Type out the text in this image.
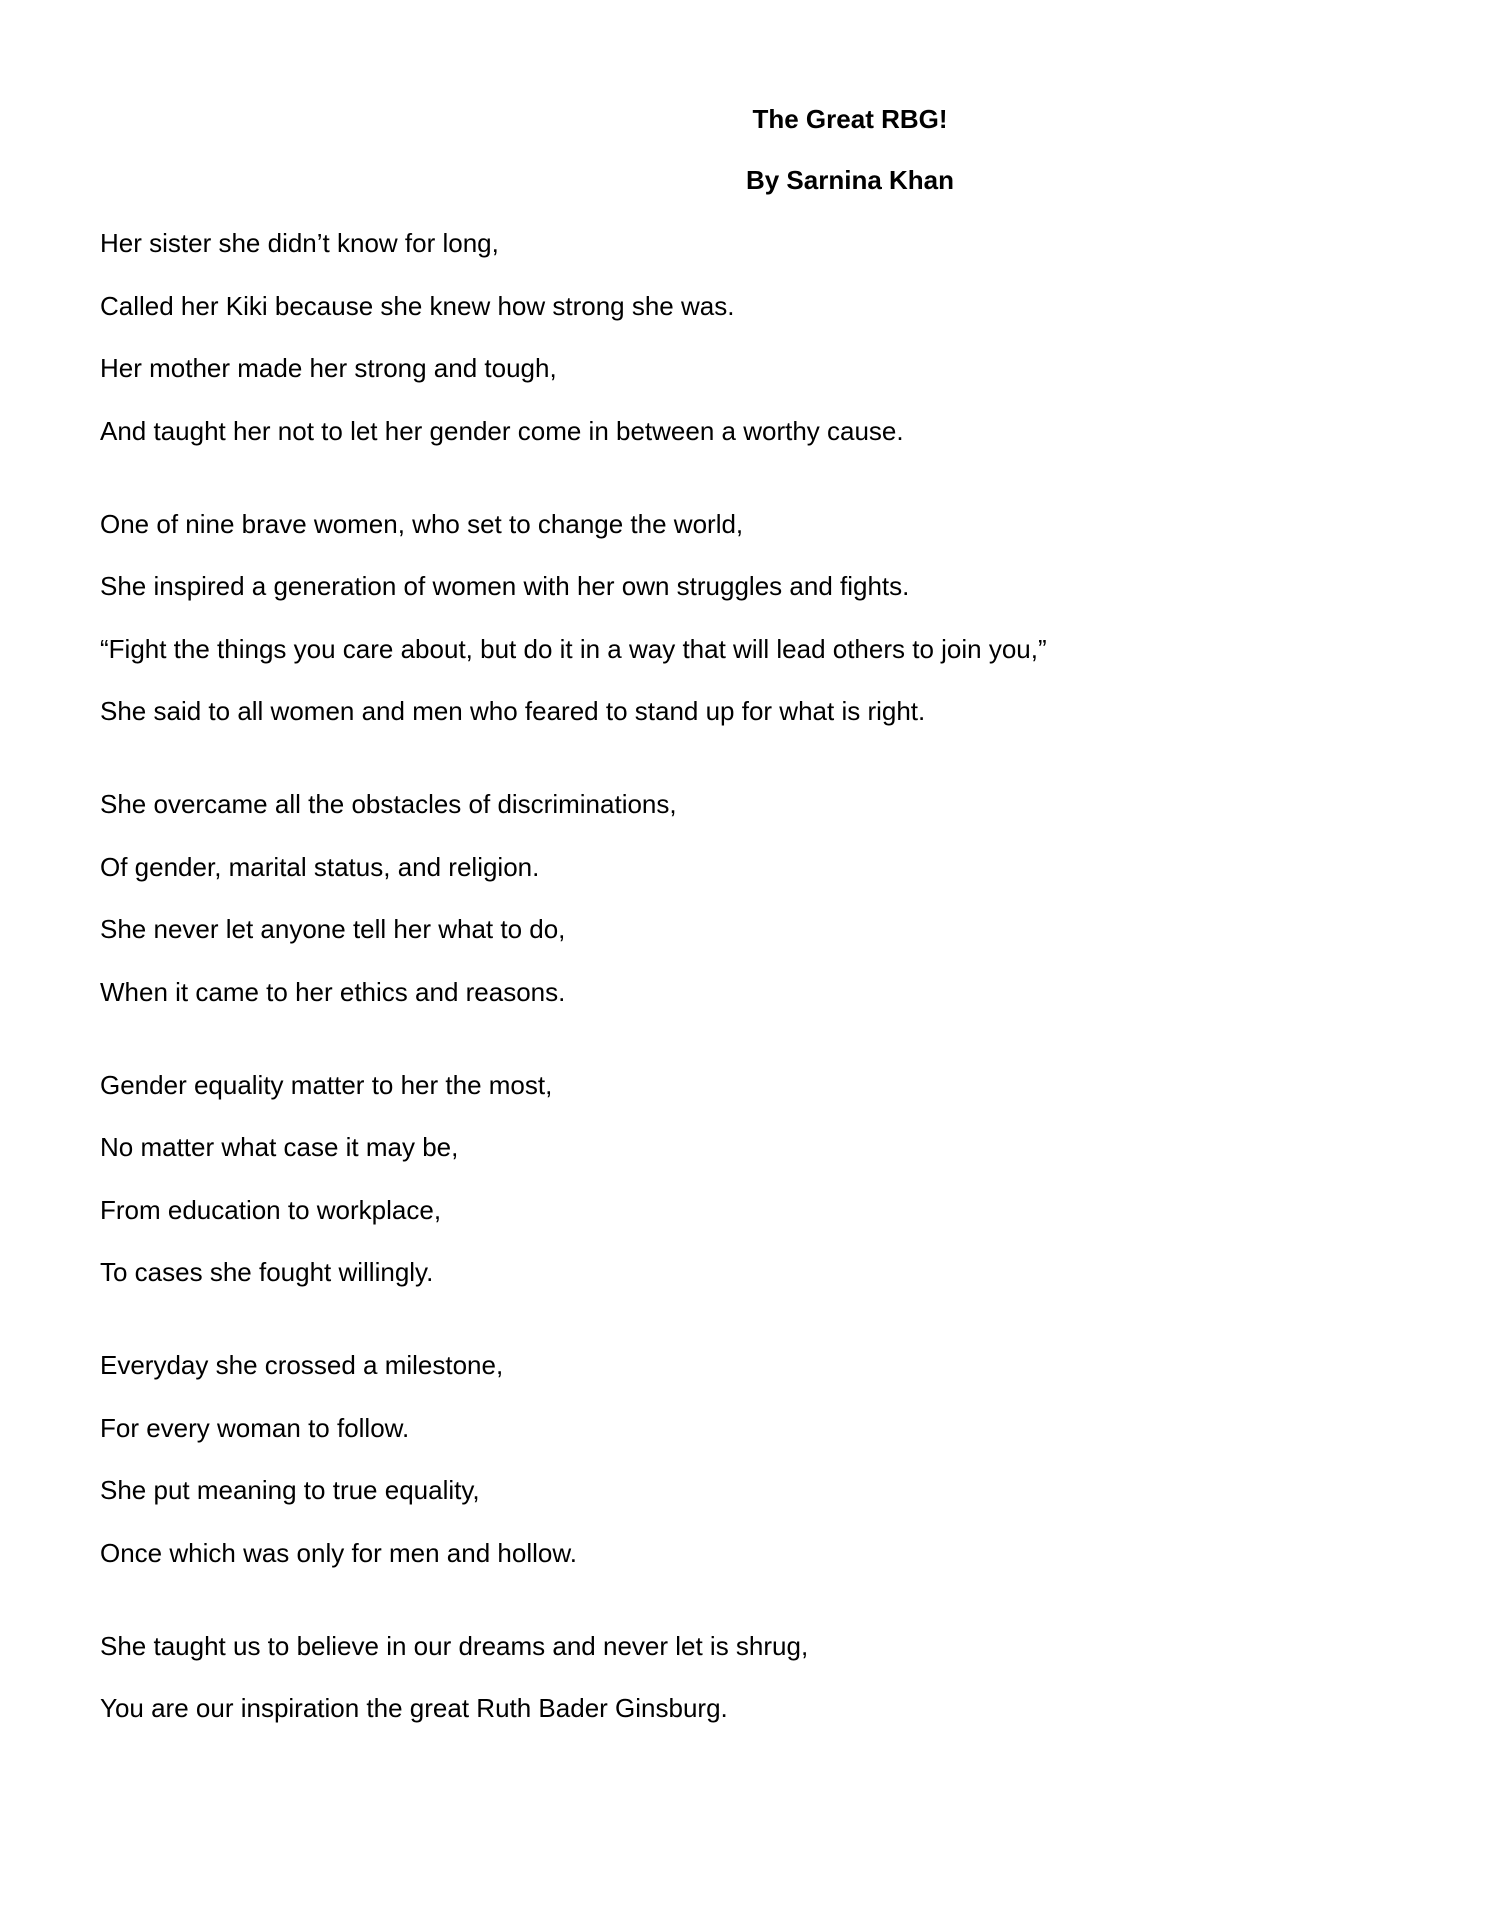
The Great RBG!
By Sarnina Khan
Her sister she didn’t know for long,
Called her Kiki because she knew how strong she was.
Her mother made her strong and tough,
And taught her not to let her gender come in between a worthy cause.
One of nine brave women, who set to change the world,
She inspired a generation of women with her own struggles and fights.
“Fight the things you care about, but do it in a way that will lead others to join you,”
She said to all women and men who feared to stand up for what is right.
She overcame all the obstacles of discriminations,
Of gender, marital status, and religion.
She never let anyone tell her what to do,
When it came to her ethics and reasons.
Gender equality matter to her the most,
No matter what case it may be,
From education to workplace,
To cases she fought willingly.
Everyday she crossed a milestone,
For every woman to follow.
She put meaning to true equality,
Once which was only for men and hollow.
She taught us to believe in our dreams and never let is shrug,
You are our inspiration the great Ruth Bader Ginsburg.
